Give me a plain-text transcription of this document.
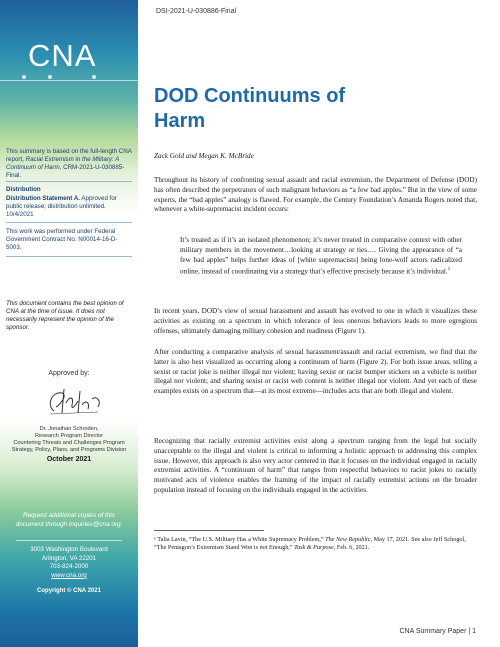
CNA
This summary is based on the full-length CNA report, Racial Extremism in the Military: A Continuum of Harm, CRM-2021-U-030885-Final.
Distribution
Distribution Statement A. Approved for public release; distribution unlimited. 10/4/2021
This work was performed under Federal Government Contract No. N00014-16-D-5003.
This document contains the best opinion of CNA at the time of issue. It does not necessarily represent the opinion of the sponsor.
Approved by:
Dr. Jonathan Schroden,
Research Program Director
Countering Threats and Challenges Program
Strategy, Policy, Plans, and Programs Division
October 2021
Request additional copies of this
document through inquiries@cna.org.
3003 Washington Boulevard
Arlington, VA 22201
703-824-2000
www.cna.org
Copyright © CNA 2021
DSI-2021-U-030886-Final
DOD Continuums of
Harm
Zack Gold and Megan K. McBride
Throughout its history of confronting sexual assault and racial extremism, the Department of Defense (DOD) has often described the perpetrators of such malignant behaviors as “a few bad apples.” But in the view of some experts, the “bad apples” analogy is flawed. For example, the Century Foundation’s Amanda Rogers noted that, whenever a white-supremacist incident occurs:
It’s treated as if it’s an isolated phenomenon; it’s never treated in comparative context with other military members in the movement…looking at strategy or ties…. Giving the appearance of “a few bad apples” helps further ideas of [white supremacists] being lone-wolf actors radicalized online, instead of coordinating via a strategy that’s effective precisely because it’s individual.$^1$
In recent years, DOD’s view of sexual harassment and assault has evolved to one in which it visualizes these activities as existing on a spectrum in which tolerance of less onerous behaviors leads to more egregious offenses, ultimately damaging military cohesion and readiness (Figure 1).
After conducting a comparative analysis of sexual harassment/assault and racial extremism, we find that the latter is also best visualized as occurring along a continuum of harm (Figure 2). For both issue areas, telling a sexist or racist joke is neither illegal nor violent; having sexist or racist bumper stickers on a vehicle is neither illegal nor violent; and sharing sexist or racist web content is neither illegal nor violent. And yet each of these examples exists on a spectrum that—at its most extreme—includes acts that are both illegal and violent.
Recognizing that racially extremist activities exist along a spectrum ranging from the legal but socially unacceptable to the illegal and violent is critical to informing a holistic approach to addressing this complex issue. However, this approach is also very actor centered in that it focuses on the individual engaged in racially extremist activities. A “continuum of harm” that ranges from respectful behaviors to racist jokes to racially motivated acts of violence enables the framing of the impact of racially extremist actions on the broader population instead of focusing on the individuals engaged in the activities.
¹ Talia Lavin, “The U.S. Military Has a White Supremacy Problem,” The New Republic, May 17, 2021. See also Jeff Schogol, “The Pentagon’s Extremism Stand Won is not Enough,” Task & Purpose, Feb. 6, 2021.
CNA Summary Paper | 1
